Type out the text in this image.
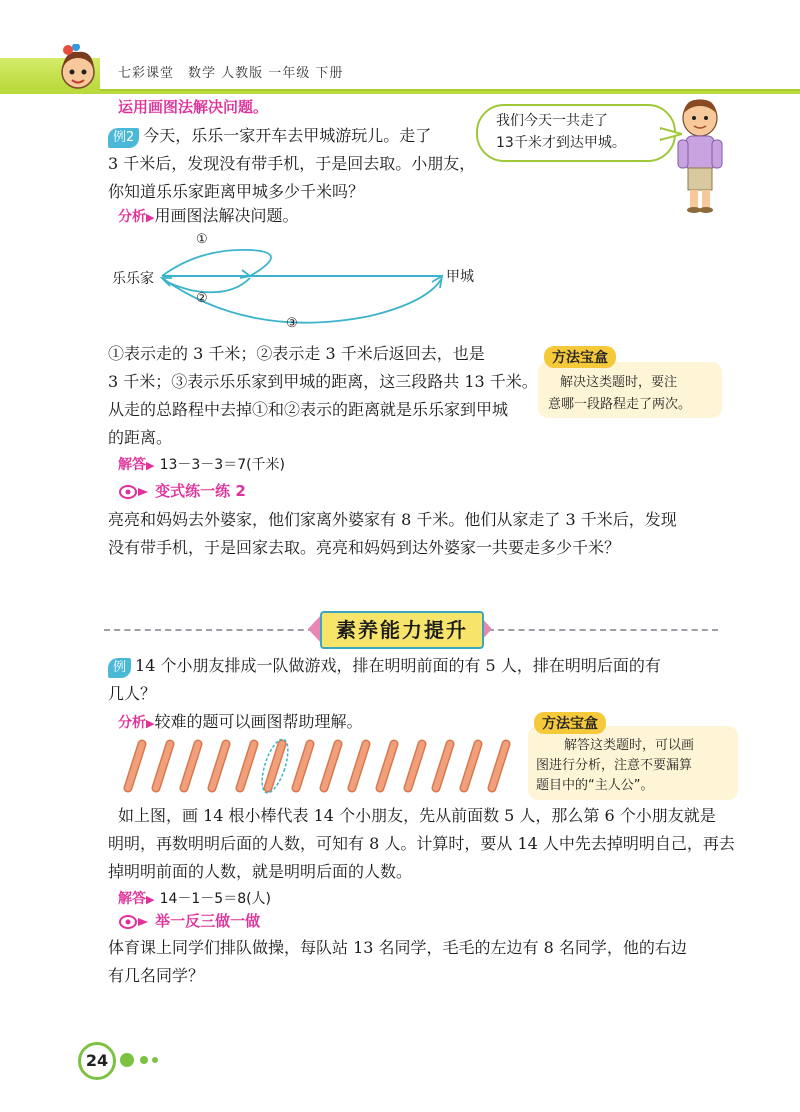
七彩课堂　数学 人教版 一年级 下册
运用画图法解决问题。
例2 今天，乐乐一家开车去甲城游玩儿。走了
3 千米后，发现没有带手机，于是回去取。小朋友，
你知道乐乐家距离甲城多少千米吗？
我们今天一共走了
13千米才到达甲城。
分析▶用画图法解决问题。
乐乐家	甲城
①
②
③
①表示走的 3 千米；②表示走 3 千米后返回去，也是
3 千米；③表示乐乐家到甲城的距离，这三段路共 13 千米。
从走的总路程中去掉①和②表示的距离就是乐乐家到甲城
的距离。
方法宝盒
解决这类题时，要注
意哪一段路程走了两次。
解答▶ 13－3－3＝7(千米)
变式练一练 2
亮亮和妈妈去外婆家，他们家离外婆家有 8 千米。他们从家走了 3 千米后，发现
没有带手机，于是回家去取。亮亮和妈妈到达外婆家一共要走多少千米？
素养能力提升
例 14 个小朋友排成一队做游戏，排在明明前面的有 5 人，排在明明后面的有
几人？
分析▶较难的题可以画图帮助理解。	方法宝盒
解答这类题时，可以画
图进行分析，注意不要漏算
题目中的“主人公”。
如上图，画 14 根小棒代表 14 个小朋友，先从前面数 5 人，那么第 6 个小朋友就是
明明，再数明明后面的人数，可知有 8 人。计算时，要从 14 人中先去掉明明自己，再去
掉明明前面的人数，就是明明后面的人数。
解答▶ 14－1－5＝8(人)
举一反三做一做
体育课上同学们排队做操，每队站 13 名同学，毛毛的左边有 8 名同学，他的右边
有几名同学？
24
